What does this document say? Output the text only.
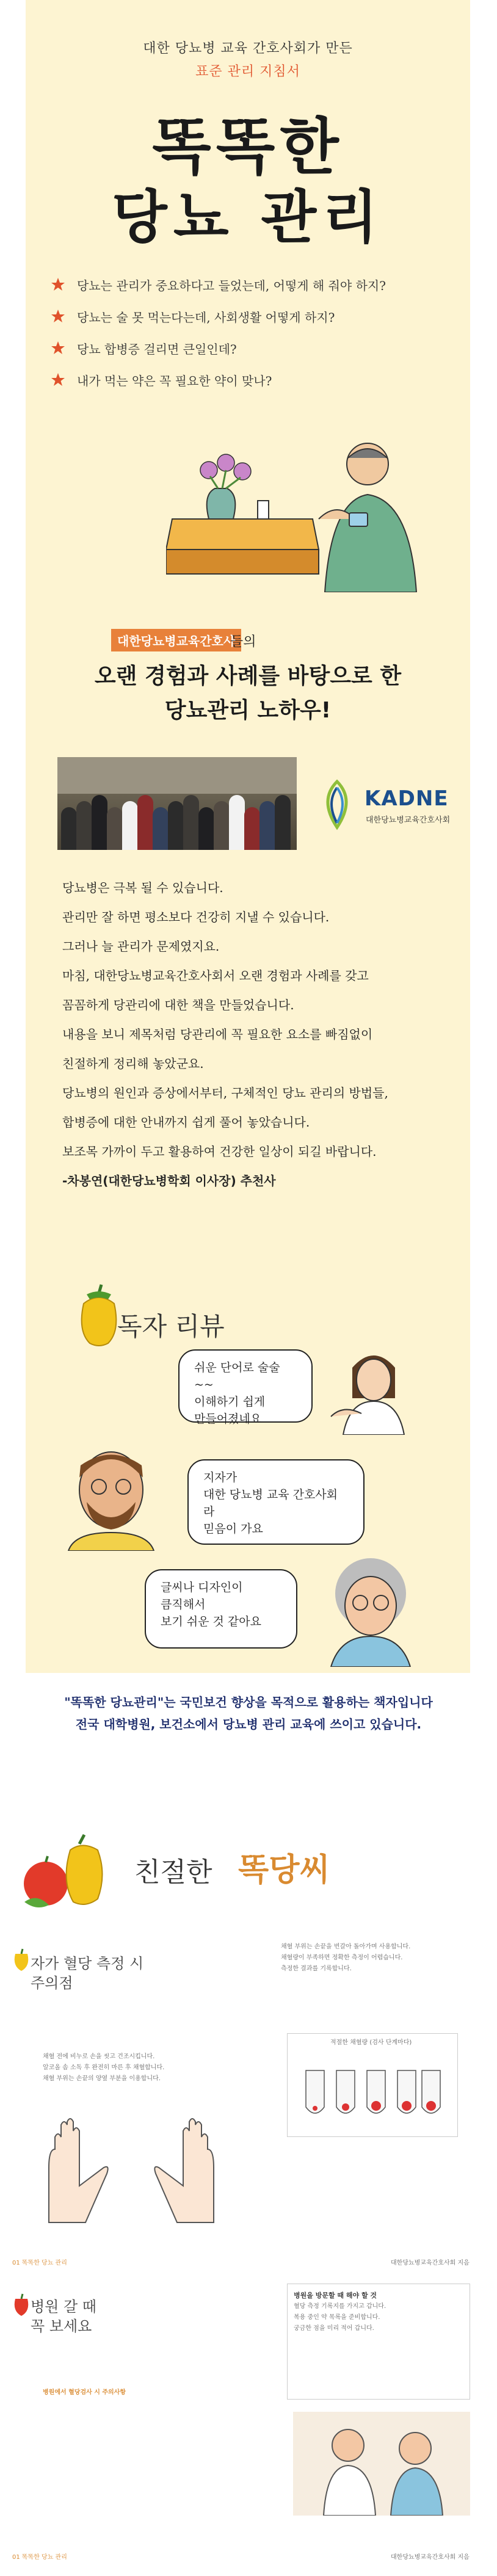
대한 당뇨병 교육 간호사회가 만든
표준 관리 지침서
똑똑한
당뇨 관리
당뇨는 관리가 중요하다고 들었는데, 어떻게 해 줘야 하지?
당뇨는 술 못 먹는다는데, 사회생활 어떻게 하지?
당뇨 합병증 걸리면 큰일인데?
내가 먹는 약은 꼭 필요한 약이 맞나?
대한당뇨병교육간호사
들의
오랜 경험과 사례를 바탕으로 한
당뇨관리 노하우!
KADNE
대한당뇨병교육간호사회

당뇨병은 극복 될 수 있습니다.

관리만 잘 하면 평소보다 건강히 지낼 수 있습니다.

그러나 늘 관리가 문제였지요.

마침, 대한당뇨병교육간호사회서 오랜 경험과 사례를 갖고

꼼꼼하게 당관리에 대한 책을 만들었습니다.

내용을 보니 제목처럼 당관리에 꼭 필요한 요소를 빠짐없이

친절하게 정리해 놓았군요.

당뇨병의 원인과 증상에서부터, 구체적인 당뇨 관리의 방법들,

합병증에 대한 안내까지 쉽게 풀어 놓았습니다.

보조목 가까이 두고 활용하여 건강한 일상이 되길 바랍니다.

-차봉연(대한당뇨병학회 이사장) 추천사

독자 리뷰
쉬운 단어로 술술~~
이해하기 쉽게
만들어졌네요
지자가
대한 당뇨병 교육 간호사회라
믿음이 가요
글씨나 디자인이
큼직해서
보기 쉬운 것 같아요
"똑똑한 당뇨관리"는 국민보건 향상을 목적으로 활용하는 책자입니다
전국 대학병원, 보건소에서 당뇨병 관리 교육에 쓰이고 있습니다.
친절한 똑당씨
자가 혈당 측정 시
주의점
채혈 전에 비누로 손을 씻고 건조시킵니다.
알코올 솜 소독 후 완전히 마른 후 채혈합니다.
채혈 부위는 손끝의 양옆 부분을 이용합니다.
채혈 부위는 손끝을 번갈아 돌아가며 사용합니다.
채혈량이 부족하면 정확한 측정이 어렵습니다.
측정한 결과를 기록합니다.
적절한 채혈량 (검사 단계마다)
01 똑똑한 당뇨 관리	대한당뇨병교육간호사회 지음
병원 갈 때
꼭 보세요
병원에서 혈당검사 시 주의사항
병원을 방문할 때 해야 할 것
혈당 측정 기록지를 가지고 갑니다.
복용 중인 약 목록을 준비합니다.
궁금한 점을 미리 적어 갑니다.
01 똑똑한 당뇨 관리	대한당뇨병교육간호사회 지음
